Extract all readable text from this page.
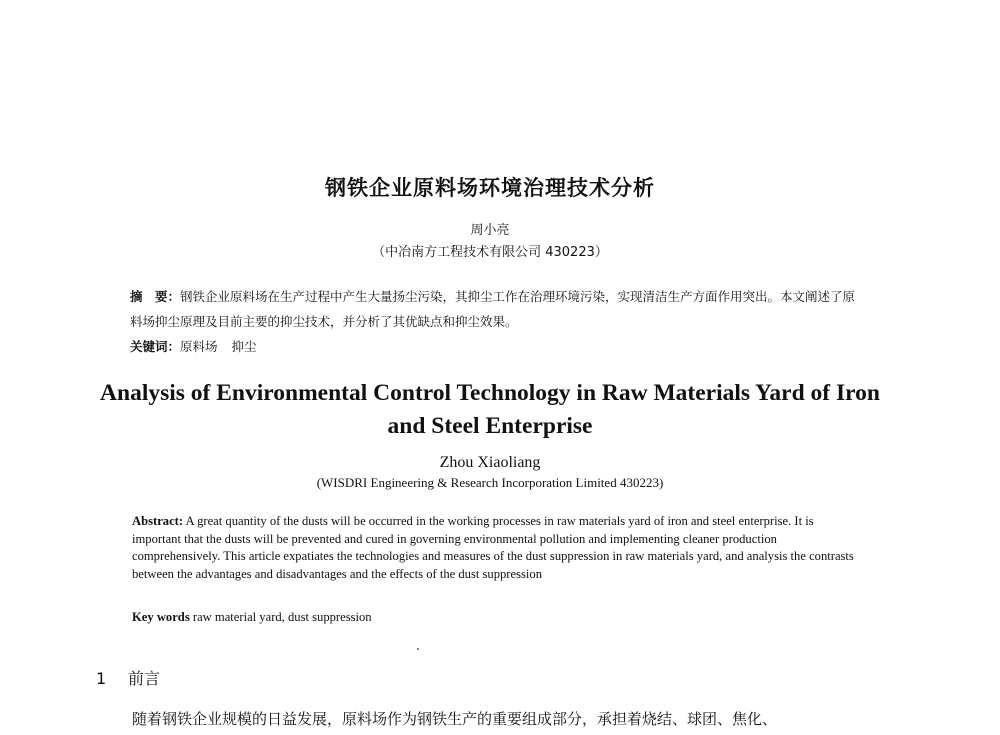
钢铁企业原料场环境治理技术分析
周小亮
（中冶南方工程技术有限公司 430223）
摘　要：钢铁企业原料场在生产过程中产生大量扬尘污染，其抑尘工作在治理环境污染，实现清洁生产方面作用突出。本文阐述了原料场抑尘原理及目前主要的抑尘技术，并分析了其优缺点和抑尘效果。
关键词：原料场 抑尘
Analysis of Environmental Control Technology in Raw Materials Yard of Iron and Steel Enterprise
Zhou Xiaoliang
(WISDRI Engineering & Research Incorporation Limited 430223)
Abstract: A great quantity of the dusts will be occurred in the working processes in raw materials yard of iron and steel enterprise. It is important that the dusts will be prevented and cured in governing environmental pollution and implementing cleaner production comprehensively. This article expatiates the technologies and measures of the dust suppression in raw materials yard, and analysis the contrasts between the advantages and disadvantages and the effects of the dust suppression
Key words raw material yard, dust suppression
1 前言
随着钢铁企业规模的日益发展，原料场作为钢铁生产的重要组成部分，承担着烧结、球团、焦化、
